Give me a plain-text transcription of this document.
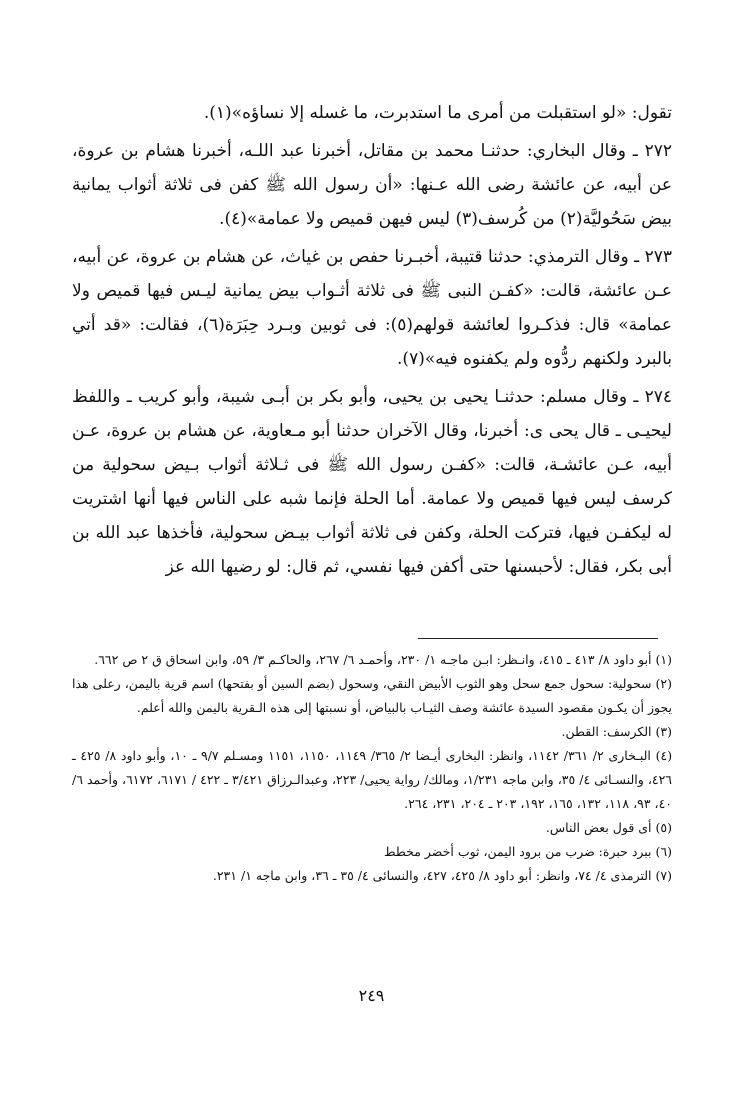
تقول: «لو استقبلت من أمرى ما استدبرت، ما غسله إلا نساؤه»(١).

٢٧٢ ـ وقال البخاري: حدثنـا محمد بن مقاتل، أخبرنا عبد اللـه، أخبرنا هشام بن عروة، عن أبيه، عن عائشة رضى الله عـنها: «أن رسول الله ﷺ كفن فى ثلاثة أثواب يمانية بيض سَحُوليَّة(٢) من كُرسف(٣) ليس فيهن قميص ولا عمامة»(٤).

٢٧٣ ـ وقال الترمذي: حدثنا قتيبة، أخبـرنا حفص بن غياث، عن هشام بن عروة، عن أبيه، عـن عائشة، قالت: «كفـن النبى ﷺ فى ثلاثة أثـواب بيض يمانية ليـس فيها قميص ولا عمامة» قال: فذكـروا لعائشة قولهم(٥): فى ثوبين وبـرد حِبَرَة(٦)، فقالت: «قد أتي بالبرد ولكنهم ردُّوه ولم يكفنوه فيه»(٧).

٢٧٤ ـ وقال مسلم: حدثنـا يحيى بن يحيى، وأبو بكر بن أبـى شيبة، وأبو كريب ـ واللفظ ليحيـى ـ قال يحى ى: أخبرنا، وقال الآخران حدثنا أبو مـعاوية، عن هشام بن عروة، عـن أبيه، عـن عائشـة، قالت: «كفـن رسول الله ﷺ فى ثـلاثة أثواب بـيض سحولية من كرسف ليس فيها قميص ولا عمامة. أما الحلة فإنما شبه على الناس فيها أنها اشتريت له ليكفـن فيها، فتركت الحلة، وكفن فى ثلاثة أثواب بيـض سحولية، فأخذها عبد الله بن أبى بكر، فقال: لأحبسنها حتى أكفن فيها نفسي، ثم قال: لو رضيها الله عز

(١) أبو داود ٨/ ٤١٣ ـ ٤١٥، وانـظر: ابـن ماجـه ١/ ٢٣٠، وأحمـد ٦/ ٢٦٧، والحاكـم ٣/ ٥٩، وابن اسحاق ق ٢ ص ٦٦٢.

(٢) سحولية: سحول جمع سحل وهو الثوب الأبيض النقي، وسحول (بضم السين أو بفتحها) اسم قرية باليمن، رعلى هذا يجوز أن يكـون مقصود السيدة عائشة وصف الثيـاب بالبياض، أو نسبتها إلى هذه الـقرية باليمن والله أعلم.

(٣) الكرسف: القطن.

(٤) البـخارى ٢/ ٣٦١/ ١١٤٢، وانظر: البخارى أيـضا ٢/ ٣٦٥/ ١١٤٩، ١١٥٠، ١١٥١ ومسـلم ٩/٧ ـ ١٠، وأبو داود ٨/ ٤٢٥ ـ ٤٢٦، والنسـائى ٤/ ٣٥، وابن ماجه ١/٢٣١، ومالك/ رواية يحيى/ ٢٢٣، وعبدالـرزاق ٣/٤٢١ ـ ٤٢٢ / ٦١٧١، ٦١٧٢، وأحمد ٦/ ٤٠، ٩٣، ١١٨، ١٣٢، ١٦٥، ١٩٢، ٢٠٣ ـ ٢٠٤، ٢٣١، ٢٦٤.

(٥) أى قول بعض الناس.

(٦) ببرد حبرة: ضرب من برود اليمن، ثوب أخضر مخطط

(٧) الترمذى ٤/ ٧٤، وانظر: أبو داود ٨/ ٤٢٥، ٤٢٧، والنسائى ٤/ ٣٥ ـ ٣٦، وابن ماجه ١/ ٢٣١.

٢٤٩
